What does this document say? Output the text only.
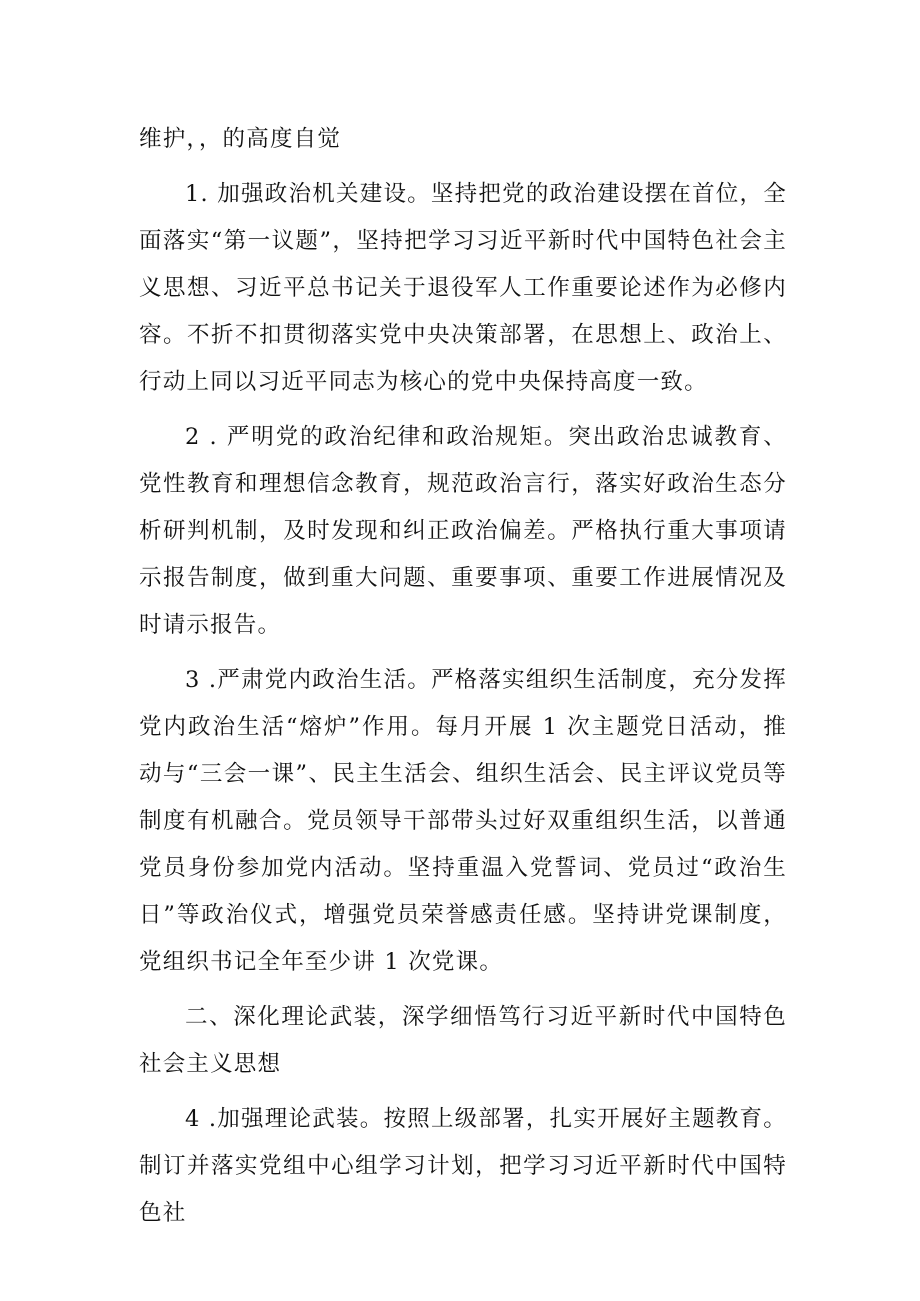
维护，，的高度自觉

1. 加强政治机关建设。坚持把党的政治建设摆在首位，全面落实“第一议题”，坚持把学习习近平新时代中国特色社会主义思想、习近平总书记关于退役军人工作重要论述作为必修内容。不折不扣贯彻落实党中央决策部署，在思想上、政治上、行动上同以习近平同志为核心的党中央保持高度一致。

2 . 严明党的政治纪律和政治规矩。突出政治忠诚教育、党性教育和理想信念教育，规范政治言行，落实好政治生态分析研判机制，及时发现和纠正政治偏差。严格执行重大事项请示报告制度，做到重大问题、重要事项、重要工作进展情况及时请示报告。

3 .严肃党内政治生活。严格落实组织生活制度，充分发挥党内政治生活“熔炉”作用。每月开展 1 次主题党日活动，推动与“三会一课”、民主生活会、组织生活会、民主评议党员等制度有机融合。党员领导干部带头过好双重组织生活，以普通党员身份参加党内活动。坚持重温入党誓词、党员过“政治生日”等政治仪式，增强党员荣誉感责任感。坚持讲党课制度，党组织书记全年至少讲 1 次党课。

二、深化理论武装，深学细悟笃行习近平新时代中国特色社会主义思想

4 .加强理论武装。按照上级部署，扎实开展好主题教育。制订并落实党组中心组学习计划，把学习习近平新时代中国特色社
